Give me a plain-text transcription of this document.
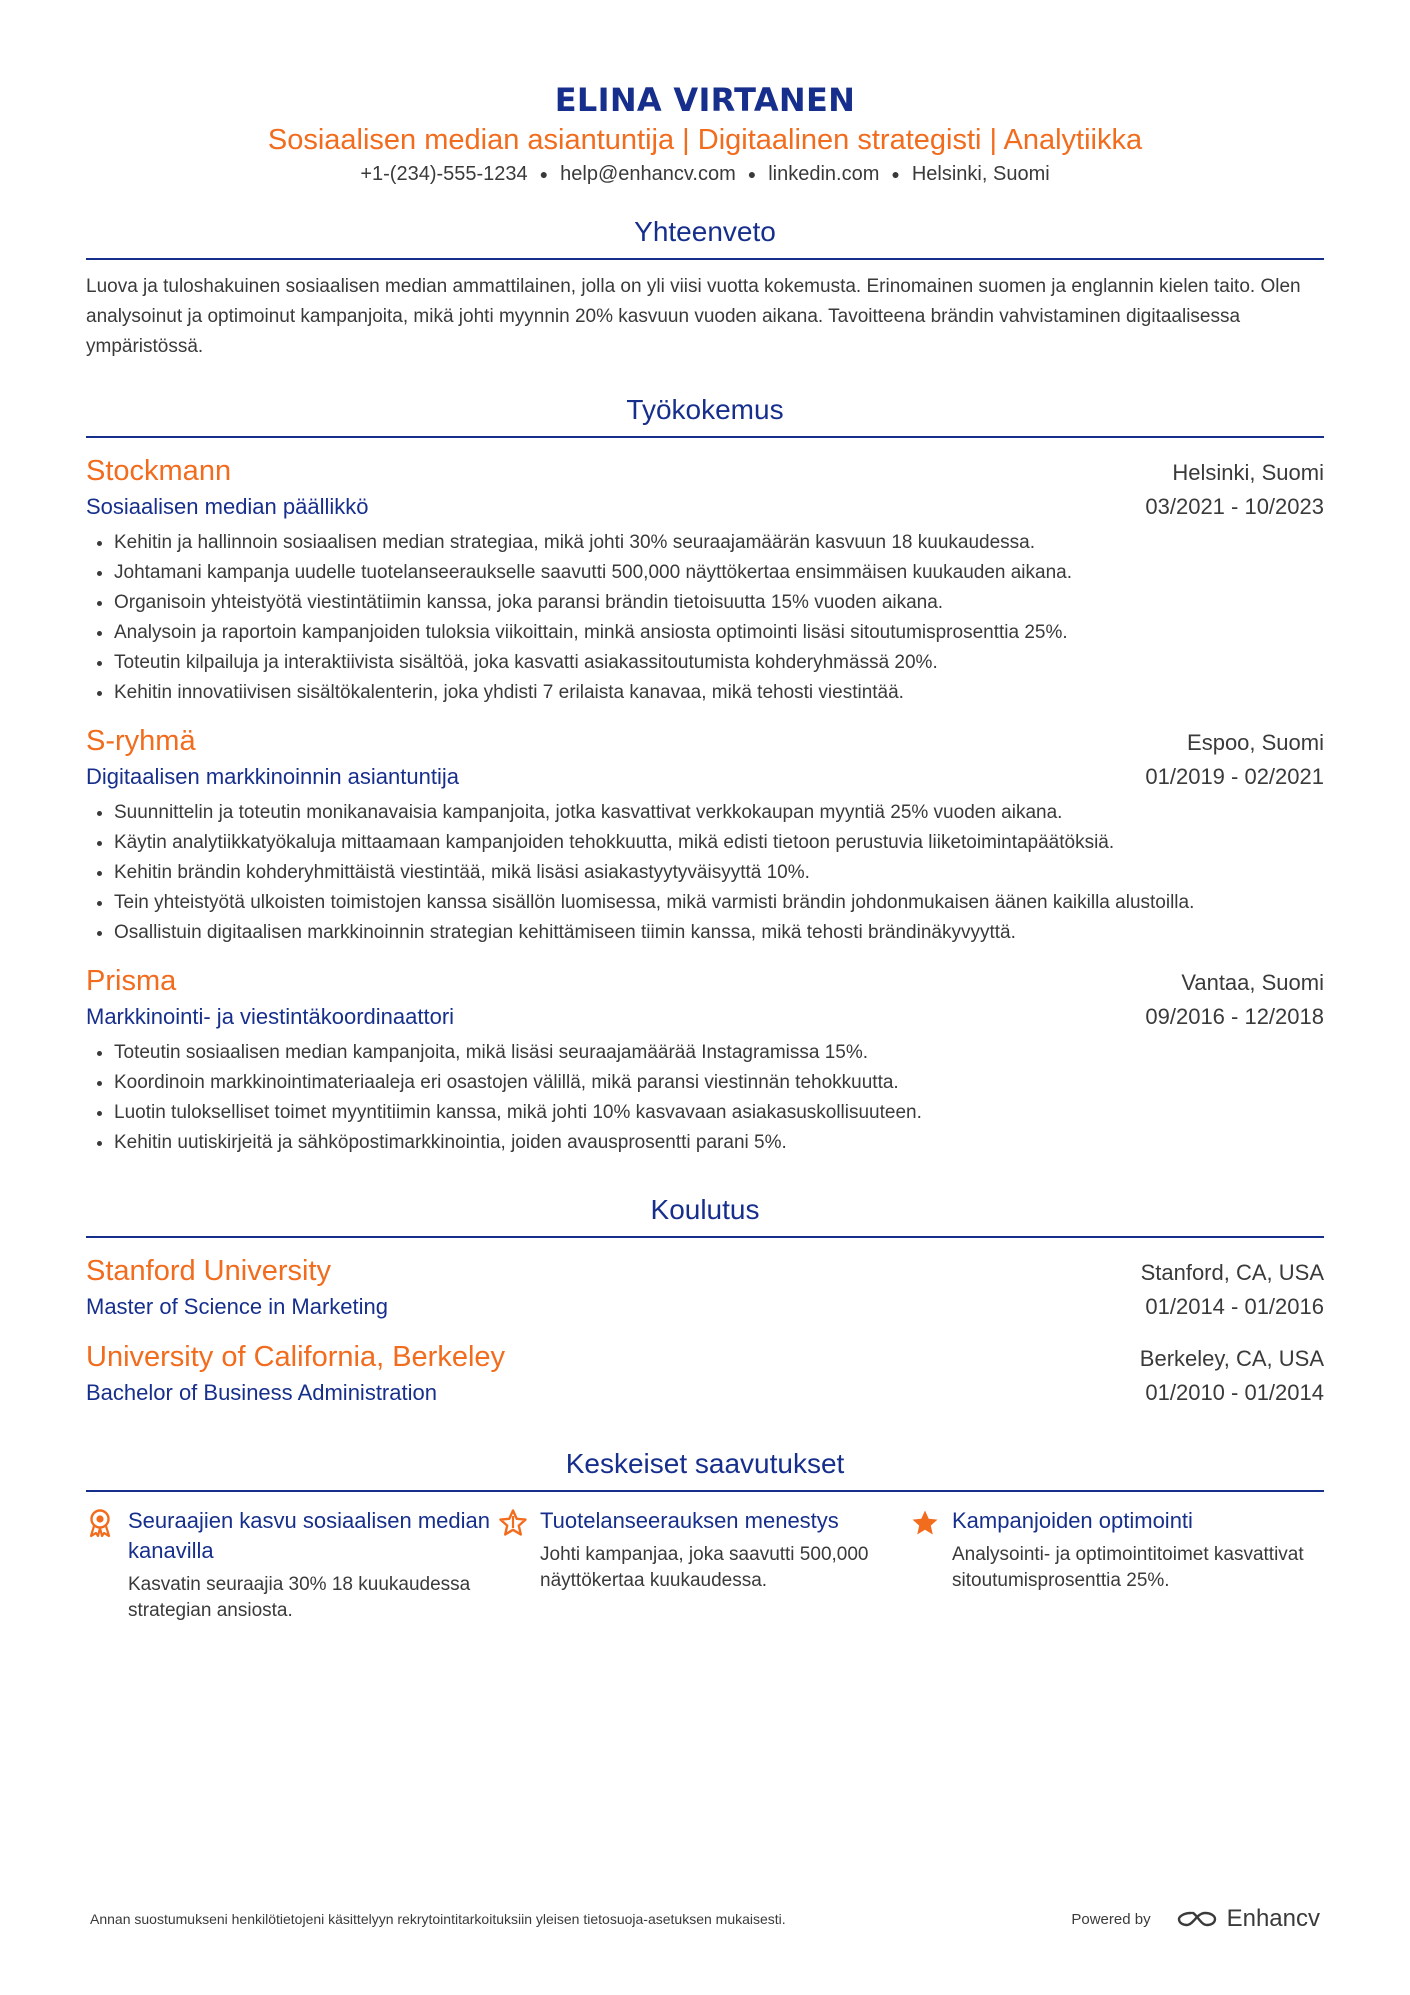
ELINA VIRTANEN
Sosiaalisen median asiantuntija | Digitaalinen strategisti | Analytiikka
+1-(234)-555-1234 ● help@enhancv.com ● linkedin.com ● Helsinki, Suomi
Yhteenveto
Luova ja tuloshakuinen sosiaalisen median ammattilainen, jolla on yli viisi vuotta kokemusta. Erinomainen suomen ja englannin kielen taito. Olen analysoinut ja optimoinut kampanjoita, mikä johti myynnin 20% kasvuun vuoden aikana. Tavoitteena brändin vahvistaminen digitaalisessa ympäristössä.
Työkokemus
Stockmann	Helsinki, Suomi
Sosiaalisen median päällikkö	03/2021 - 10/2023
• Kehitin ja hallinnoin sosiaalisen median strategiaa, mikä johti 30% seuraajamäärän kasvuun 18 kuukaudessa.
• Johtamani kampanja uudelle tuotelanseeraukselle saavutti 500,000 näyttökertaa ensimmäisen kuukauden aikana.
• Organisoin yhteistyötä viestintätiimin kanssa, joka paransi brändin tietoisuutta 15% vuoden aikana.
• Analysoin ja raportoin kampanjoiden tuloksia viikoittain, minkä ansiosta optimointi lisäsi sitoutumisprosenttia 25%.
• Toteutin kilpailuja ja interaktiivista sisältöä, joka kasvatti asiakassitoutumista kohderyhmässä 20%.
• Kehitin innovatiivisen sisältökalenterin, joka yhdisti 7 erilaista kanavaa, mikä tehosti viestintää.
S-ryhmä	Espoo, Suomi
Digitaalisen markkinoinnin asiantuntija	01/2019 - 02/2021
• Suunnittelin ja toteutin monikanavaisia kampanjoita, jotka kasvattivat verkkokaupan myyntiä 25% vuoden aikana.
• Käytin analytiikkatyökaluja mittaamaan kampanjoiden tehokkuutta, mikä edisti tietoon perustuvia liiketoimintapäätöksiä.
• Kehitin brändin kohderyhmittäistä viestintää, mikä lisäsi asiakastyytyväisyyttä 10%.
• Tein yhteistyötä ulkoisten toimistojen kanssa sisällön luomisessa, mikä varmisti brändin johdonmukaisen äänen kaikilla alustoilla.
• Osallistuin digitaalisen markkinoinnin strategian kehittämiseen tiimin kanssa, mikä tehosti brändinäkyvyyttä.
Prisma	Vantaa, Suomi
Markkinointi- ja viestintäkoordinaattori	09/2016 - 12/2018
• Toteutin sosiaalisen median kampanjoita, mikä lisäsi seuraajamäärää Instagramissa 15%.
• Koordinoin markkinointimateriaaleja eri osastojen välillä, mikä paransi viestinnän tehokkuutta.
• Luotin tulokselliset toimet myyntitiimin kanssa, mikä johti 10% kasvavaan asiakasuskollisuuteen.
• Kehitin uutiskirjeitä ja sähköpostimarkkinointia, joiden avausprosentti parani 5%.
Koulutus
Stanford University	Stanford, CA, USA
Master of Science in Marketing	01/2014 - 01/2016
University of California, Berkeley	Berkeley, CA, USA
Bachelor of Business Administration	01/2010 - 01/2014
Keskeiset saavutukset
Seuraajien kasvu sosiaalisen median kanavilla
Kasvatin seuraajia 30% 18 kuukaudessa strategian ansiosta.
Tuotelanseerauksen menestys
Johti kampanjaa, joka saavutti 500,000 näyttökertaa kuukaudessa.
Kampanjoiden optimointi
Analysointi- ja optimointitoimet kasvattivat sitoutumisprosenttia 25%.
Annan suostumukseni henkilötietojeni käsittelyyn rekrytointitarkoituksiin yleisen tietosuoja-asetuksen mukaisesti.	Powered by	Enhancv
